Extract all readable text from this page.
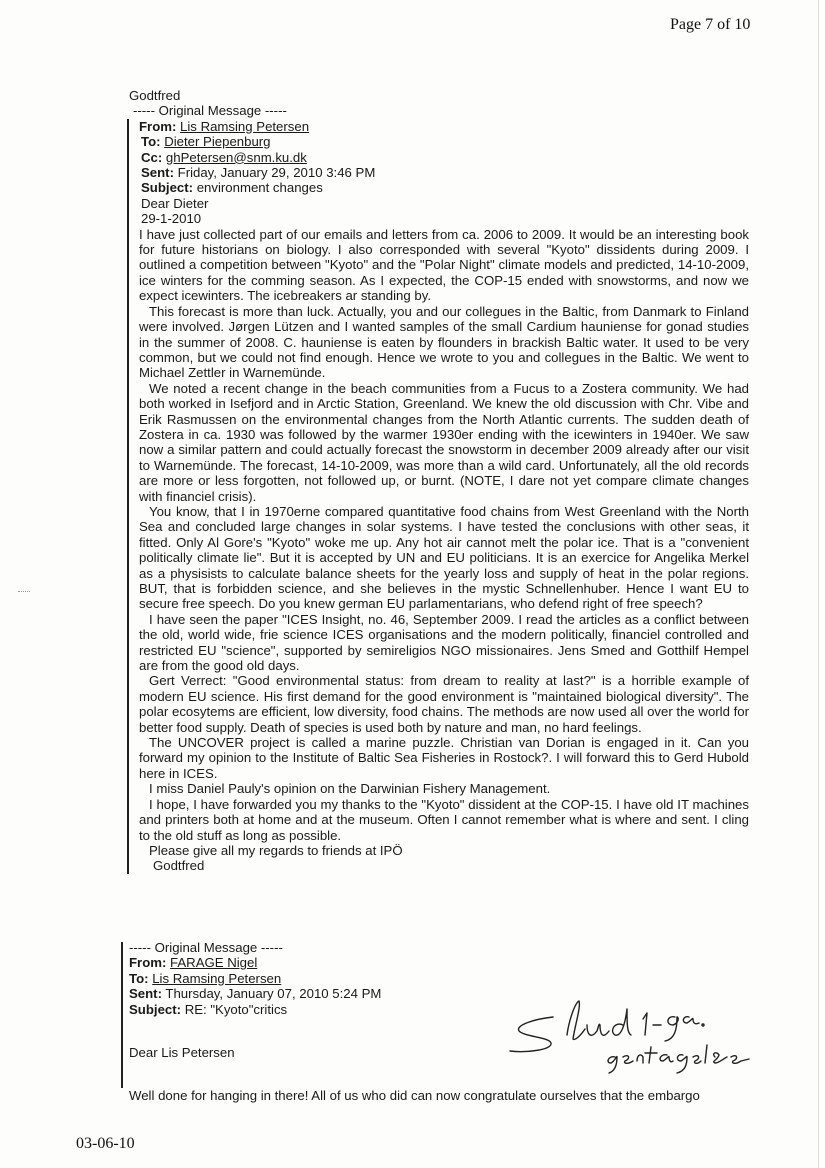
Page 7 of 10
Godtfred
----- Original Message -----
From: Lis Ramsing Petersen
To: Dieter Piepenburg
Cc: ghPetersen@snm.ku.dk
Sent: Friday, January 29, 2010 3:46 PM
Subject: environment changes
Dear Dieter
29-1-2010
I have just collected part of our emails and letters from ca. 2006 to 2009. It would be an interesting book for future historians on biology. I also corresponded with several "Kyoto" dissidents during 2009. I outlined a competition between "Kyoto" and the "Polar Night" climate models and predicted, 14-10-2009, ice winters for the comming season. As I expected, the COP-15 ended with snowstorms, and now we expect icewinters. The icebreakers ar standing by.
This forecast is more than luck. Actually, you and our collegues in the Baltic, from Danmark to Finland were involved. Jørgen Lützen and I wanted samples of the small Cardium hauniense for gonad studies in the summer of 2008. C. hauniense is eaten by flounders in brackish Baltic water. It used to be very common, but we could not find enough. Hence we wrote to you and collegues in the Baltic. We went to Michael Zettler in Warnemünde.
We noted a recent change in the beach communities from a Fucus to a Zostera community. We had both worked in Isefjord and in Arctic Station, Greenland. We knew the old discussion with Chr. Vibe and Erik Rasmussen on the environmental changes from the North Atlantic currents. The sudden death of Zostera in ca. 1930 was followed by the warmer 1930er ending with the icewinters in 1940er. We saw now a similar pattern and could actually forecast the snowstorm in december 2009 already after our visit to Warnemünde. The forecast, 14-10-2009, was more than a wild card. Unfortunately, all the old records are more or less forgotten, not followed up, or burnt. (NOTE, I dare not yet compare climate changes with financiel crisis).
You know, that I in 1970erne compared quantitative food chains from West Greenland with the North Sea and concluded large changes in solar systems. I have tested the conclusions with other seas, it fitted. Only Al Gore's "Kyoto" woke me up. Any hot air cannot melt the polar ice. That is a "convenient politically climate lie". But it is accepted by UN and EU politicians. It is an exercice for Angelika Merkel as a physisists to calculate balance sheets for the yearly loss and supply of heat in the polar regions. BUT, that is forbidden science, and she believes in the mystic Schnellenhuber. Hence I want EU to secure free speech. Do you knew german EU parlamentarians, who defend right of free speech?
I have seen the paper "ICES Insight, no. 46, September 2009. I read the articles as a conflict between the old, world wide, frie science ICES organisations and the modern politically, financiel controlled and restricted EU "science", supported by semireligios NGO missionaires. Jens Smed and Gotthilf Hempel are from the good old days.
Gert Verrect: "Good environmental status: from dream to reality at last?" is a horrible example of modern EU science. His first demand for the good environment is "maintained biological diversity". The polar ecosytems are efficient, low diversity, food chains. The methods are now used all over the world for better food supply. Death of species is used both by nature and man, no hard feelings.
The UNCOVER project is called a marine puzzle. Christian van Dorian is engaged in it. Can you forward my opinion to the Institute of Baltic Sea Fisheries in Rostock?. I will forward this to Gerd Hubold here in ICES.
I miss Daniel Pauly's opinion on the Darwinian Fishery Management.
I hope, I have forwarded you my thanks to the "Kyoto" dissident at the COP-15. I have old IT machines and printers both at home and at the museum. Often I cannot remember what is where and sent. I cling to the old stuff as long as possible.
Please give all my regards to friends at IPÖ
Godtfred
----- Original Message -----
From: FARAGE Nigel
To: Lis Ramsing Petersen
Sent: Thursday, January 07, 2010 5:24 PM
Subject: RE: "Kyoto"critics
Dear Lis Petersen
Well done for hanging in there! All of us who did can now congratulate ourselves that the embargo
03-06-10
